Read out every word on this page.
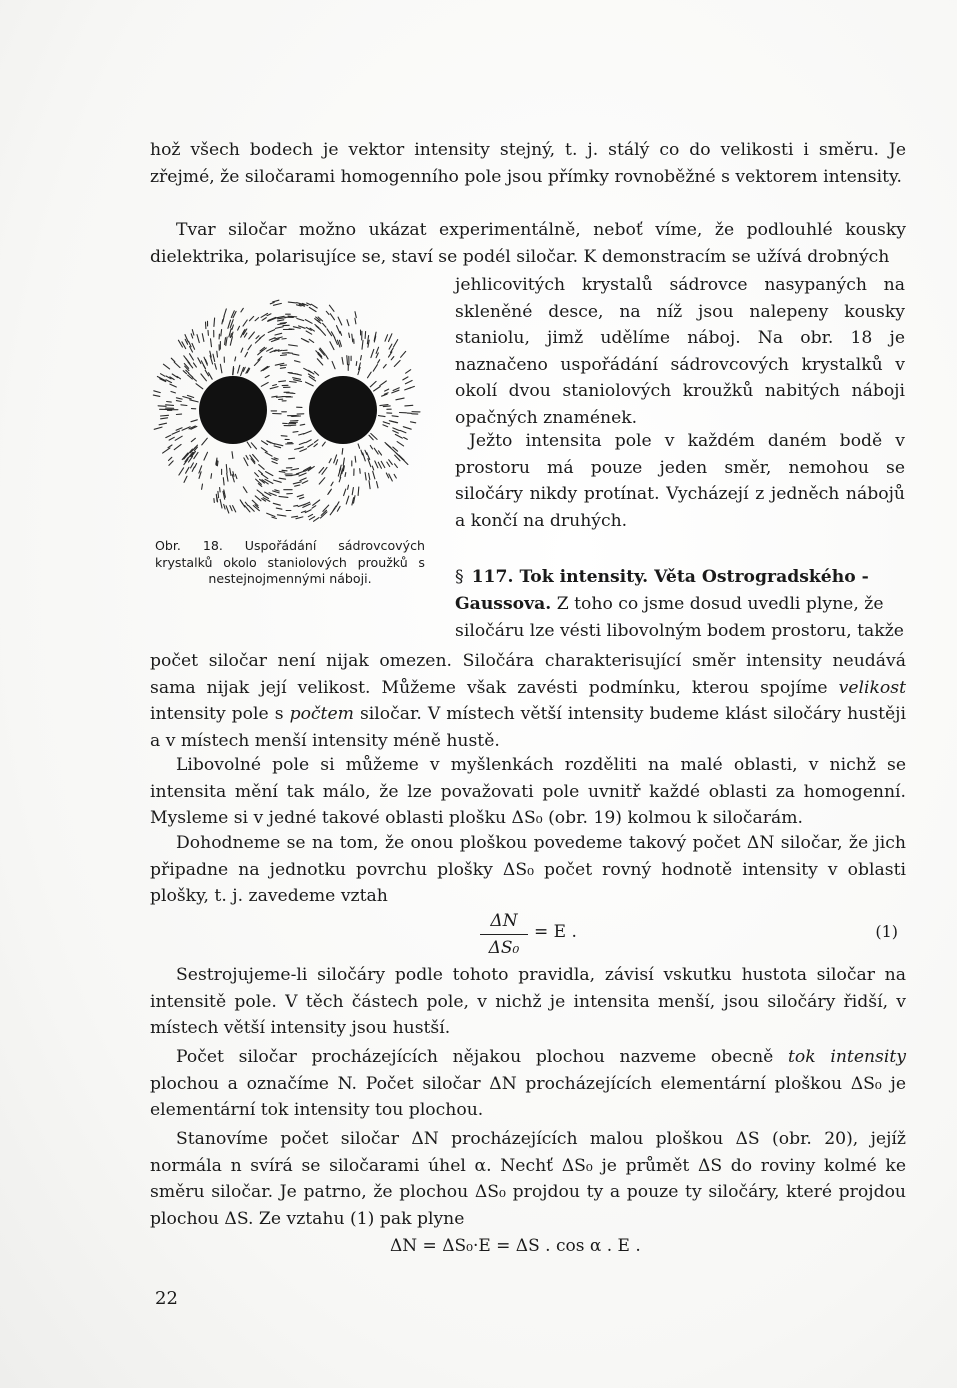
hož všech bodech je vektor intensity stejný, t. j. stálý co do velikosti i směru. Je zřejmé, že siločarami homogenního pole jsou přímky rovnoběžné s vektorem intensity.

Tvar siločar možno ukázat experimentálně, neboť víme, že podlouhlé kousky dielektrika, polarisujíce se, staví se podél siločar. K demonstracím se užívá drobných

jehlicovitých krystalů sádrovce nasypaných na skleněné desce, na níž jsou nalepeny kousky staniolu, jimž udělíme náboj. Na obr. 18 je naznačeno uspořádání sádrovcových krystalků v okolí dvou staniolových kroužků nabitých náboji opačných znamének.

Ježto intensita pole v každém daném bodě v prostoru má pouze jeden směr, nemohou se siločáry nikdy protínat. Vycházejí z jedněch nábojů a končí na druhých.

Obr. 18. Uspořádání sádrovcových krystalků okolo staniolových proužků s nestejnojmennými náboji.	§ 117. Tok intensity. Věta Ostrogradského - Gaussova. Z toho co jsme dosud uvedli plyne, že siločáru lze vésti libovolným bodem prostoru, takže

počet siločar není nijak omezen. Siločára charakterisující směr intensity neudává sama nijak její velikost. Můžeme však zavésti podmínku, kterou spojíme velikost intensity pole s počtem siločar. V místech větší intensity budeme klást siločáry hustěji a v místech menší intensity méně hustě.

Libovolné pole si můžeme v myšlenkách rozděliti na malé oblasti, v nichž se intensita mění tak málo, že lze považovati pole uvnitř každé oblasti za homogenní. Mysleme si v jedné takové oblasti plošku ΔS₀ (obr. 19) kolmou k siločarám.

Dohodneme se na tom, že onou ploškou povedeme takový počet ΔN siločar, že jich připadne na jednotku povrchu plošky ΔS₀ počet rovný hodnotě intensity v oblasti plošky, t. j. zavedeme vztah

ΔN
ΔS₀
= E .	(1)

Sestrojujeme-li siločáry podle tohoto pravidla, závisí vskutku hustota siločar na intensitě pole. V těch částech pole, v nichž je intensita menší, jsou siločáry řidší, v místech větší intensity jsou hustší.

Počet siločar procházejících nějakou plochou nazveme obecně tok intensity plochou a označíme N. Počet siločar ΔN procházejících elementární ploškou ΔS₀ je elementární tok intensity tou plochou.

Stanovíme počet siločar ΔN procházejících malou ploškou ΔS (obr. 20), jejíž normála n svírá se siločarami úhel α. Nechť ΔS₀ je průmět ΔS do roviny kolmé ke směru siločar. Je patrno, že plochou ΔS₀ projdou ty a pouze ty siločáry, které projdou plochou ΔS. Ze vztahu (1) pak plyne

ΔN = ΔS₀·E = ΔS . cos α . E .
22
